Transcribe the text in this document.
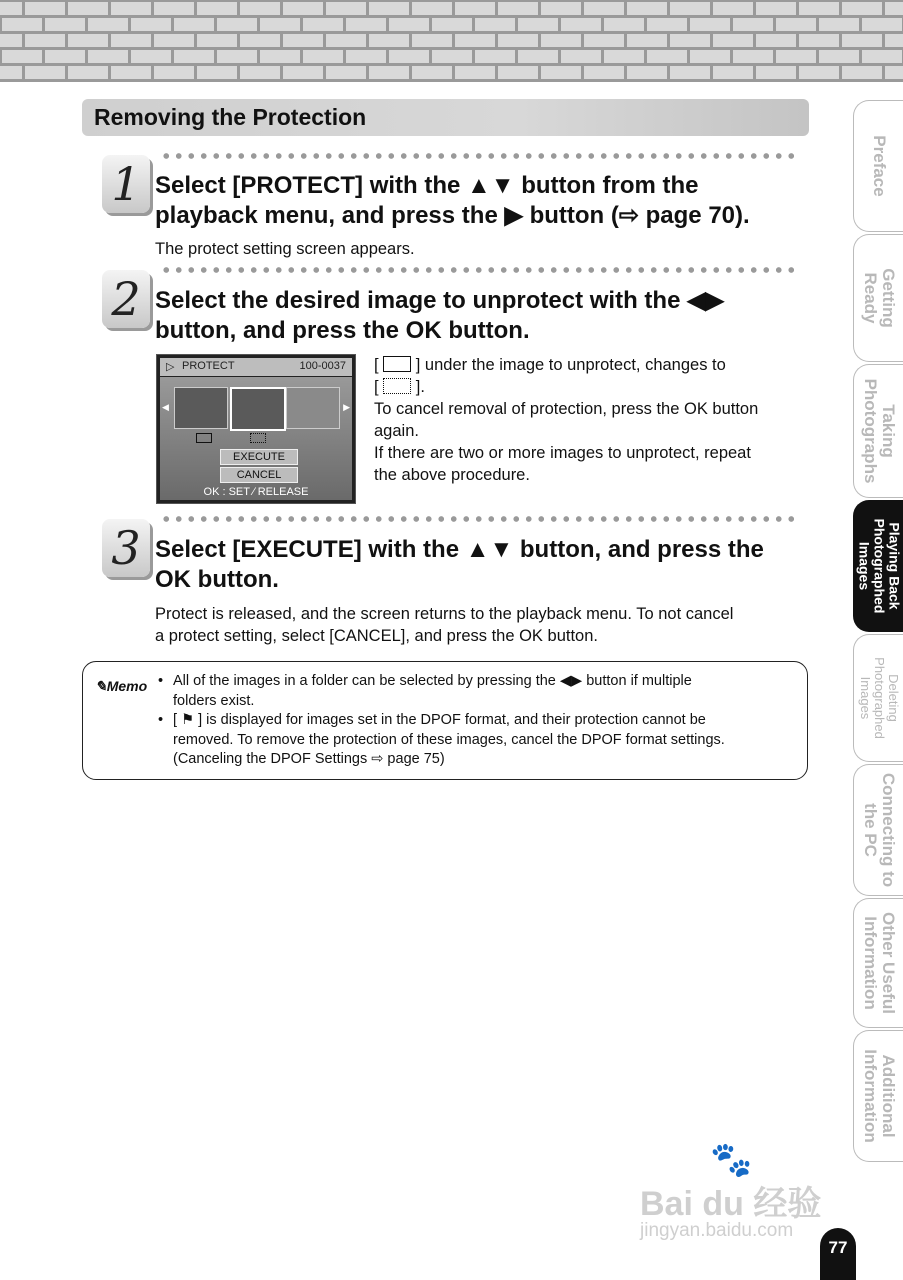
Removing the Protection
1 Select [PROTECT] with the ▲▼ button from the
playback menu, and press the ▶ button (⇨ page 70).
The protect setting screen appears.
2 Select the desired image to unprotect with the ◀▶
button, and press the OK button.
▷ PROTECT	100-0037
◀	▶
EXECUTE
CANCEL
OK : SET ∕ RELEASE
[  ] under the image to unprotect, changes to
[  ].
To cancel removal of protection, press the OK button
again.
If there are two or more images to unprotect, repeat
the above procedure.
3 Select [EXECUTE] with the ▲▼ button, and press the
OK button.
Protect is released, and the screen returns to the playback menu. To not cancel
a protect setting, select [CANCEL], and press the OK button.
✎Memo
• All of the images in a folder can be selected by pressing the ◀▶ button if multiple
folders exist.
• [ ⚑ ] is displayed for images set in the DPOF format, and their protection cannot be
removed. To remove the protection of these images, cancel the DPOF format settings.
(Canceling the DPOF Settings ⇨ page 75)
Preface
Getting Ready
Taking Photographs
Playing Back Photographed Images
Deleting Photographed Images
Connecting to the PC
Other Useful Information
Additional Information
🐾
Bai du 经验
jingyan.baidu.com
77
